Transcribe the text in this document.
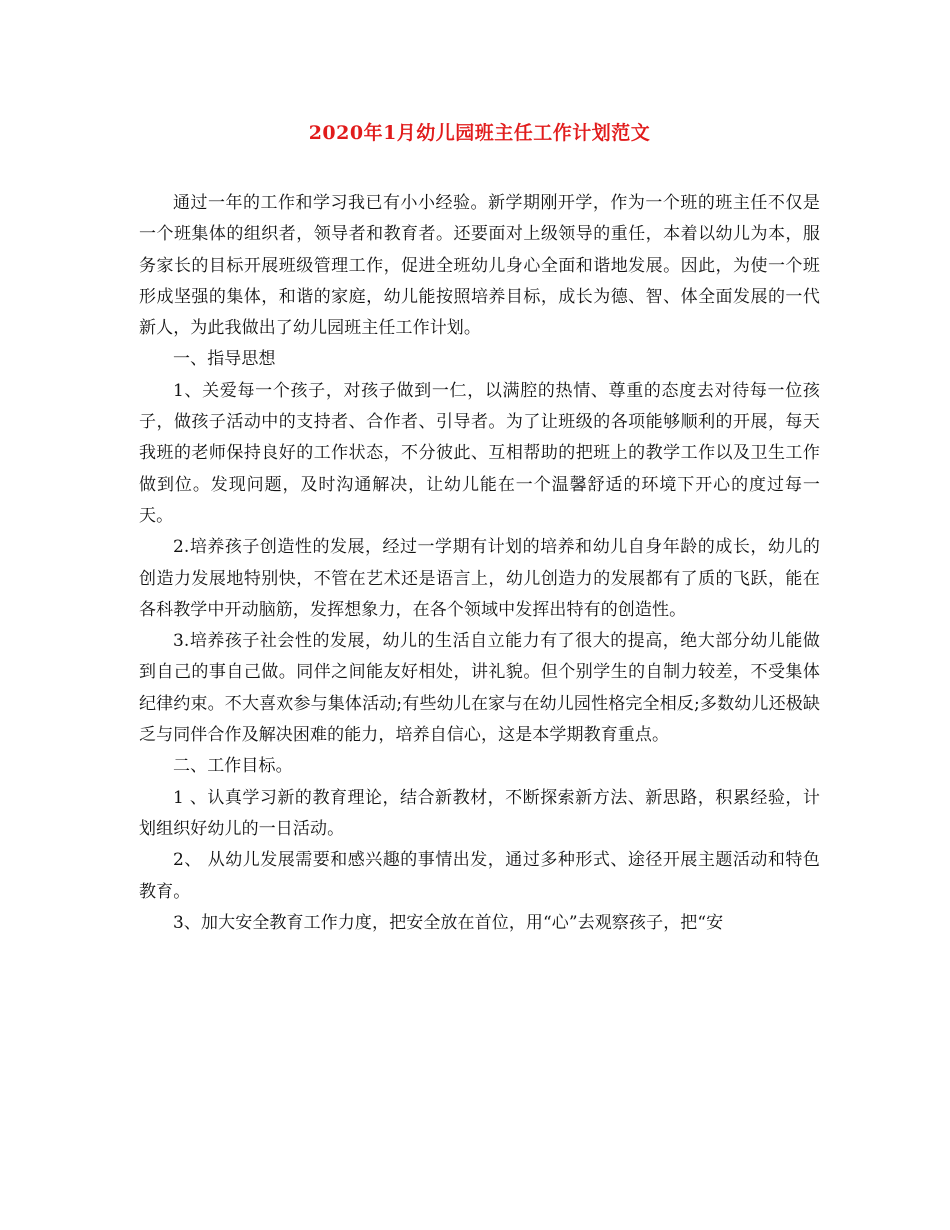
2020年1月幼儿园班主任工作计划范文

通过一年的工作和学习我已有小小经验。新学期刚开学，作为一个班的班主任不仅是一个班集体的组织者，领导者和教育者。还要面对上级领导的重任，本着以幼儿为本，服务家长的目标开展班级管理工作，促进全班幼儿身心全面和谐地发展。因此，为使一个班形成坚强的集体，和谐的家庭，幼儿能按照培养目标，成长为德、智、体全面发展的一代新人，为此我做出了幼儿园班主任工作计划。

一、指导思想

1、关爱每一个孩子，对孩子做到一仁，以满腔的热情、尊重的态度去对待每一位孩子，做孩子活动中的支持者、合作者、引导者。为了让班级的各项能够顺利的开展，每天我班的老师保持良好的工作状态，不分彼此、互相帮助的把班上的教学工作以及卫生工作做到位。发现问题，及时沟通解决，让幼儿能在一个温馨舒适的环境下开心的度过每一天。

2.培养孩子创造性的发展，经过一学期有计划的培养和幼儿自身年龄的成长，幼儿的创造力发展地特别快，不管在艺术还是语言上，幼儿创造力的发展都有了质的飞跃，能在各科教学中开动脑筋，发挥想象力，在各个领域中发挥出特有的创造性。

3.培养孩子社会性的发展，幼儿的生活自立能力有了很大的提高，绝大部分幼儿能做到自己的事自己做。同伴之间能友好相处，讲礼貌。但个别学生的自制力较差，不受集体纪律约束。不大喜欢参与集体活动;有些幼儿在家与在幼儿园性格完全相反;多数幼儿还极缺乏与同伴合作及解决困难的能力，培养自信心，这是本学期教育重点。

二、工作目标。

1 、认真学习新的教育理论，结合新教材，不断探索新方法、新思路，积累经验，计划组织好幼儿的一日活动。

2、 从幼儿发展需要和感兴趣的事情出发，通过多种形式、途径开展主题活动和特色教育。

3、加大安全教育工作力度，把安全放在首位，用“心”去观察孩子，把“安
